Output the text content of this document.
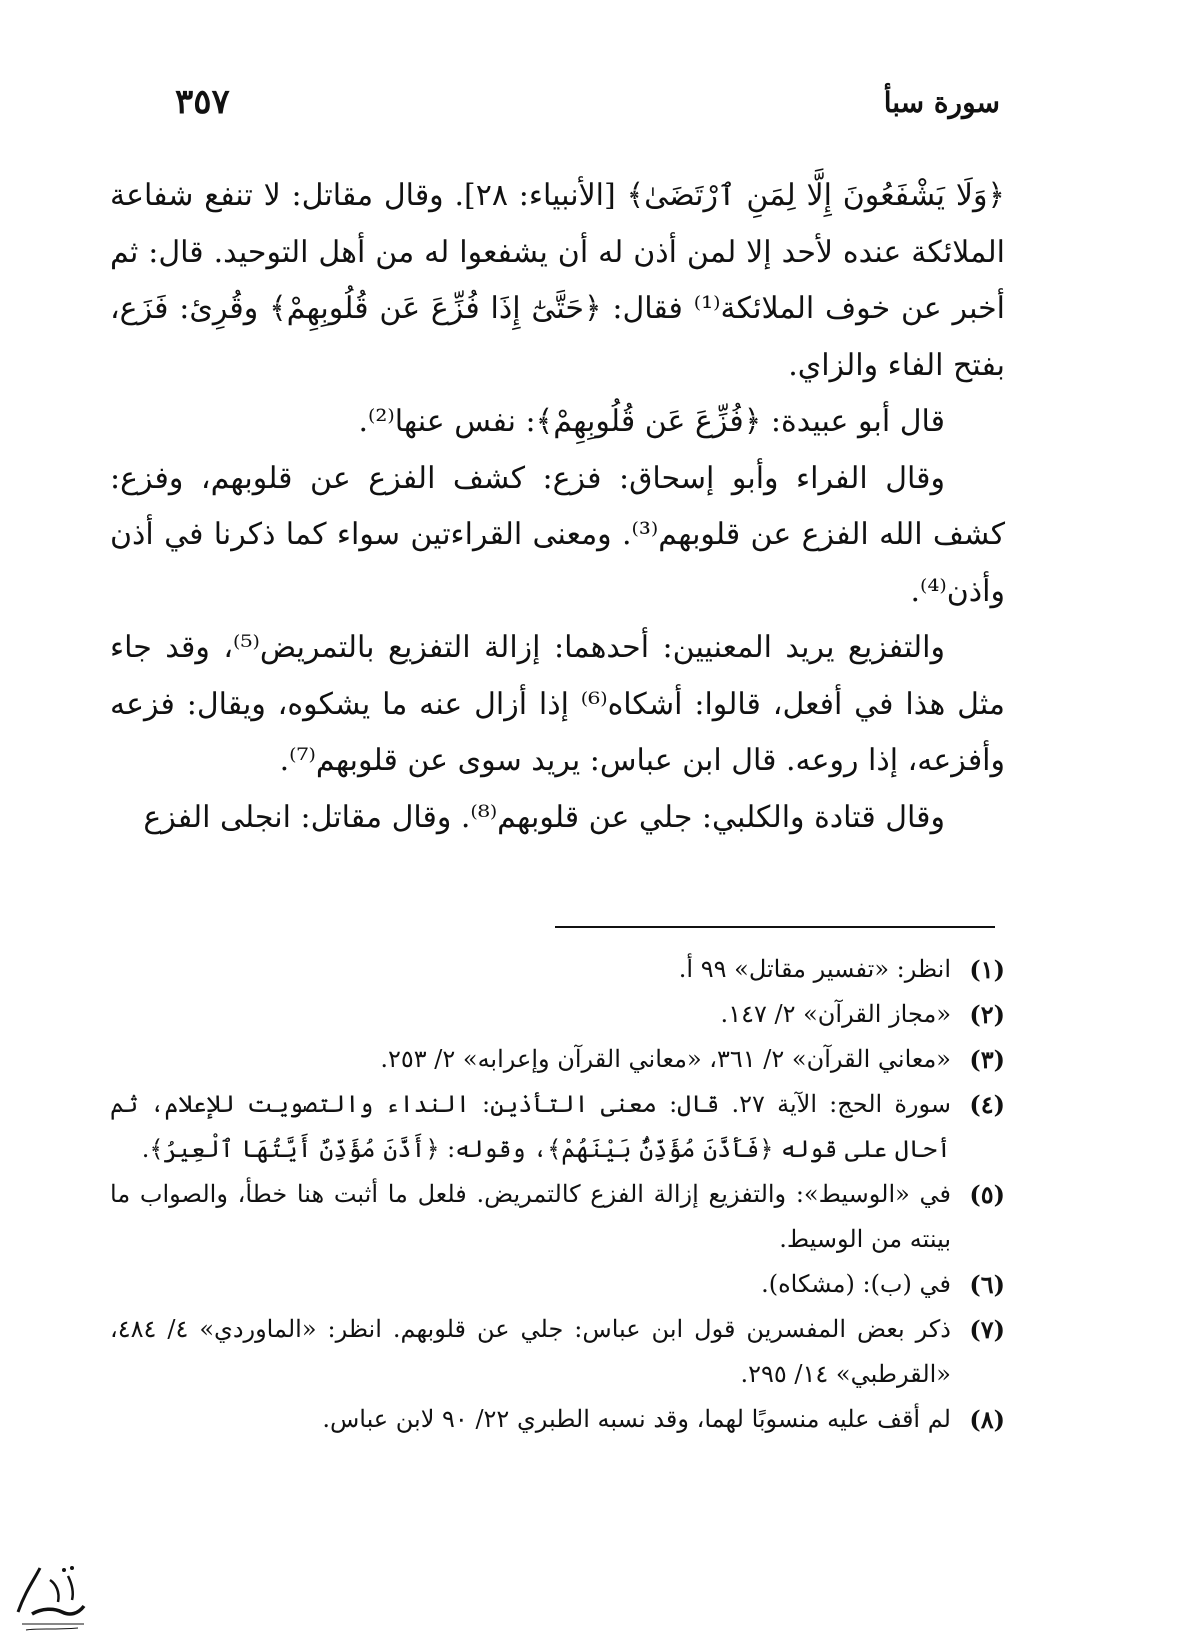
سورة سبأ
٣٥٧

﴿وَلَا يَشْفَعُونَ إِلَّا لِمَنِ ٱرْتَضَىٰ﴾ [الأنبياء: ٢٨]. وقال مقاتل: لا تنفع شفاعة الملائكة عنده لأحد إلا لمن أذن له أن يشفعوا له من أهل التوحيد. قال: ثم أخبر عن خوف الملائكة⁽¹⁾ فقال: ﴿حَتَّىٰٓ إِذَا فُزِّعَ عَن قُلُوبِهِمْ﴾ وقُرِئ: فَزَع، بفتح الفاء والزاي.

قال أبو عبيدة: ﴿فُزِّعَ عَن قُلُوبِهِمْ﴾: نفس عنها⁽²⁾.

وقال الفراء وأبو إسحاق: فزع: كشف الفزع عن قلوبهم، وفزع: كشف الله الفزع عن قلوبهم⁽³⁾. ومعنى القراءتين سواء كما ذكرنا في أذن وأذن⁽⁴⁾.

والتفزيع يريد المعنيين: أحدهما: إزالة التفزيع بالتمريض⁽⁵⁾، وقد جاء مثل هذا في أفعل، قالوا: أشكاه⁽⁶⁾ إذا أزال عنه ما يشكوه، ويقال: فزعه وأفزعه، إذا روعه. قال ابن عباس: يريد سوى عن قلوبهم⁽⁷⁾.

وقال قتادة والكلبي: جلي عن قلوبهم⁽⁸⁾. وقال مقاتل: انجلى الفزع

(١)
انظر: «تفسير مقاتل» ٩٩ أ.
(٢)
«مجاز القرآن» ٢/ ١٤٧.
(٣)
«معاني القرآن» ٢/ ٣٦١، «معاني القرآن وإعرابه» ٢/ ٢٥٣.
(٤)
سورة الحج: الآية ٢٧. قال: معنى التأذين: النداء والتصويت للإعلام، ثم أحال على قوله ﴿فَأَذَّنَ مُؤَذِّنٌۢ بَيْنَهُمْ﴾، وقوله: ﴿أَذَّنَ مُؤَذِّنٌ أَيَّتُهَا ٱلْعِيرُ﴾.
(٥)
في «الوسيط»: والتفزيع إزالة الفزع كالتمريض. فلعل ما أثبت هنا خطأ، والصواب ما بينته من الوسيط.
(٦)
في (ب): (مشكاه).
(٧)
ذكر بعض المفسرين قول ابن عباس: جلي عن قلوبهم. انظر: «الماوردي» ٤/ ٤٨٤، «القرطبي» ١٤/ ٢٩٥.
(٨)
لم أقف عليه منسوبًا لهما، وقد نسبه الطبري ٢٢/ ٩٠ لابن عباس.
